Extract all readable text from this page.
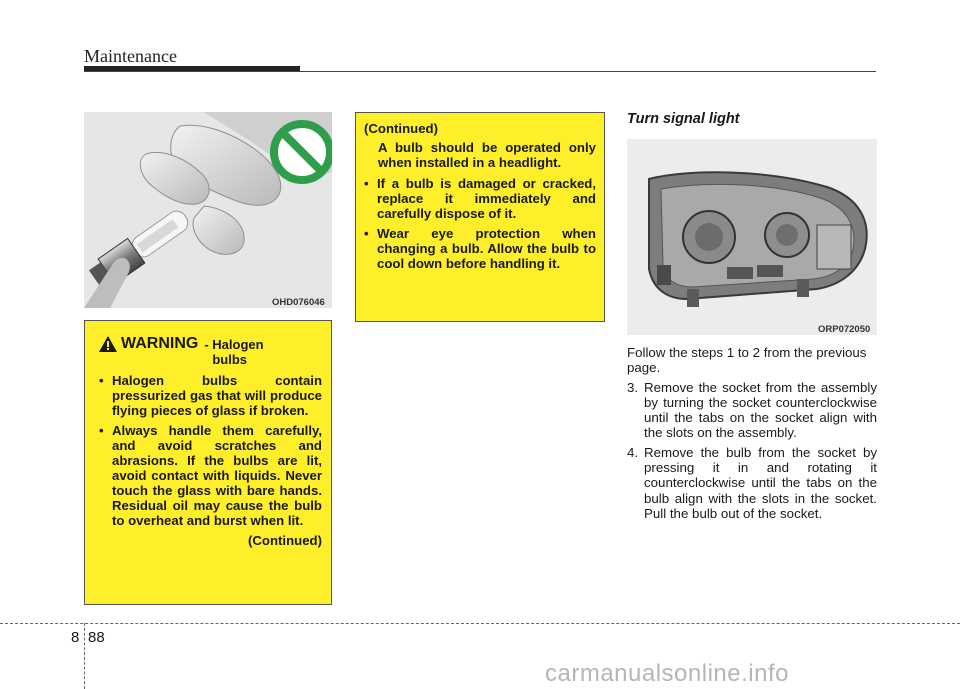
Maintenance
OHD076046
WARNING - Halogen
bulbs
• Halogen bulbs contain pressurized gas that will produce flying pieces of glass if broken.
• Always handle them carefully, and avoid scratches and abrasions. If the bulbs are lit, avoid contact with liquids. Never touch the glass with bare hands. Residual oil may cause the bulb to overheat and burst when lit.
(Continued)
(Continued)
A bulb should be operated only when installed in a headlight.
• If a bulb is damaged or cracked, replace it immediately and carefully dispose of it.
• Wear eye protection when changing a bulb. Allow the bulb to cool down before handling it.
Turn signal light
ORP072050

Follow the steps 1 to 2 from the previous page.

3. Remove the socket from the assembly by turning the socket counterclockwise until the tabs on the socket align with the slots on the assembly.
4. Remove the bulb from the socket by pressing it in and rotating it counterclockwise until the tabs on the bulb align with the slots in the socket. Pull the bulb out of the socket.
8 88
carmanualsonline.info
